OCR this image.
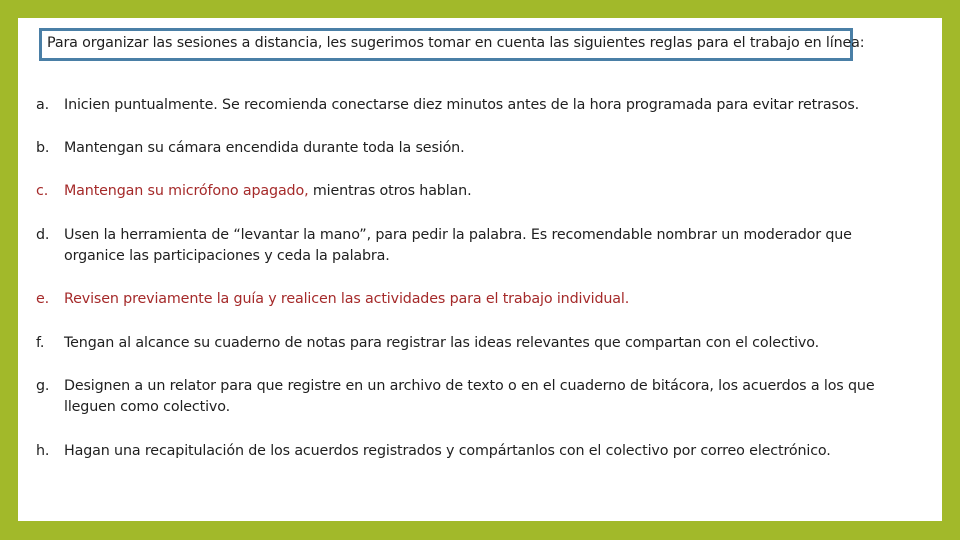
Para organizar las sesiones a distancia, les sugerimos tomar en cuenta las siguientes reglas para el trabajo en línea:

a.	Inicien puntualmente. Se recomienda conectarse diez minutos antes de la hora programada para evitar retrasos.
b.	Mantengan su cámara encendida durante toda la sesión.
c.	Mantengan su micrófono apagado, mientras otros hablan.
d.	Usen la herramienta de “levantar la mano”, para pedir la palabra. Es recomendable nombrar un moderador que organice las participaciones y ceda la palabra.
e.	Revisen previamente la guía y realicen las actividades para el trabajo individual.
f.	Tengan al alcance su cuaderno de notas para registrar las ideas relevantes que compartan con el colectivo.
g.	Designen a un relator para que registre en un archivo de texto o en el cuaderno de bitácora, los acuerdos a los que lleguen como colectivo.
h.	Hagan una recapitulación de los acuerdos registrados y compártanlos con el colectivo por correo electrónico.
